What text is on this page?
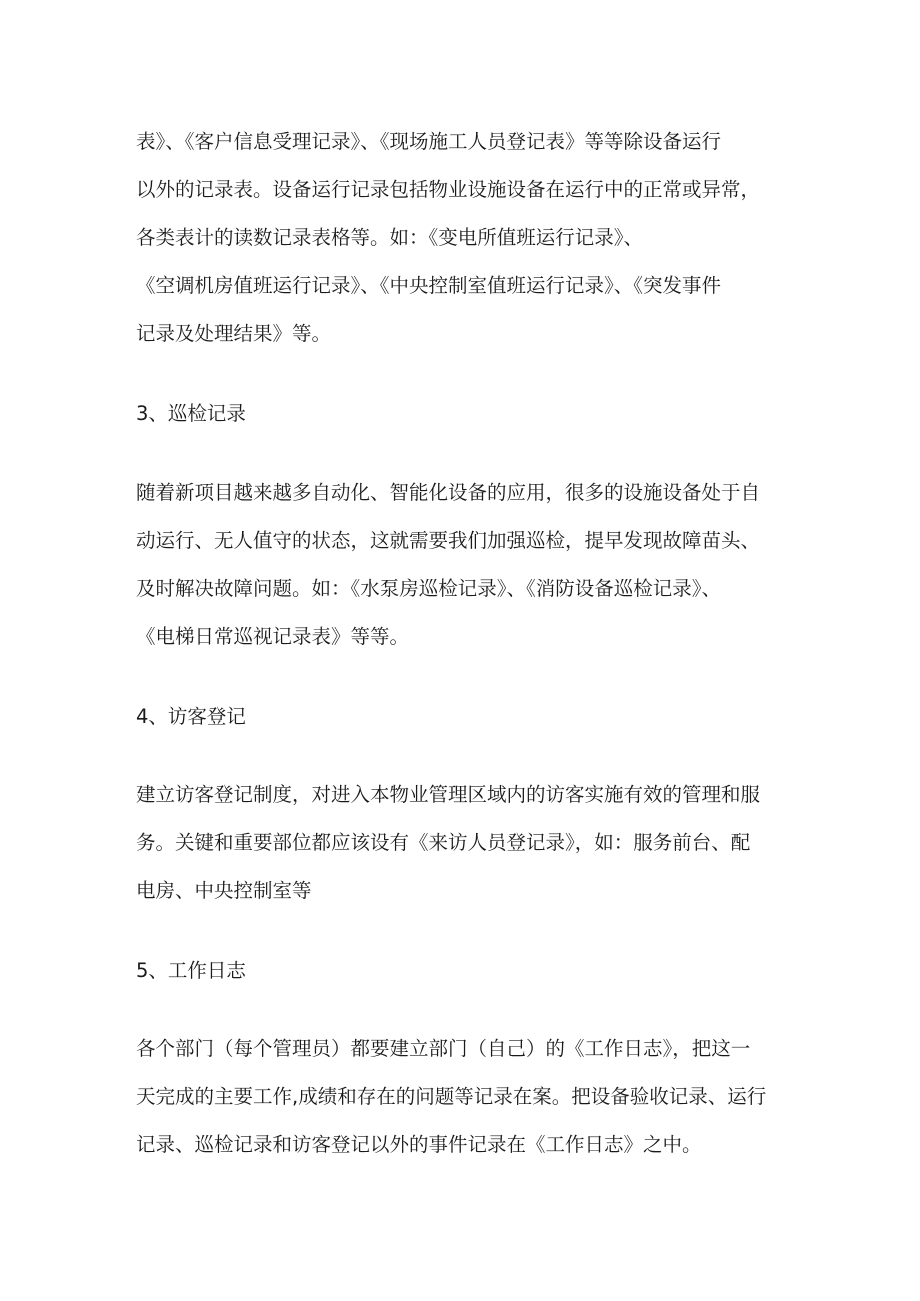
表》、《客户信息受理记录》、《现场施工人员登记表》等等除设备运行
以外的记录表。设备运行记录包括物业设施设备在运行中的正常或异常，
各类表计的读数记录表格等。如：《变电所值班运行记录》、
《空调机房值班运行记录》、《中央控制室值班运行记录》、《突发事件
记录及处理结果》等。
3、巡检记录
随着新项目越来越多自动化、智能化设备的应用，很多的设施设备处于自
动运行、无人值守的状态，这就需要我们加强巡检，提早发现故障苗头、
及时解决故障问题。如：《水泵房巡检记录》、《消防设备巡检记录》、
《电梯日常巡视记录表》等等。
4、访客登记
建立访客登记制度，对进入本物业管理区域内的访客实施有效的管理和服
务。关键和重要部位都应该设有《来访人员登记录》，如：服务前台、配
电房、中央控制室等
5、工作日志
各个部门（每个管理员）都要建立部门（自己）的《工作日志》，把这一
天完成的主要工作,成绩和存在的问题等记录在案。把设备验收记录、运行
记录、巡检记录和访客登记以外的事件记录在《工作日志》之中。
